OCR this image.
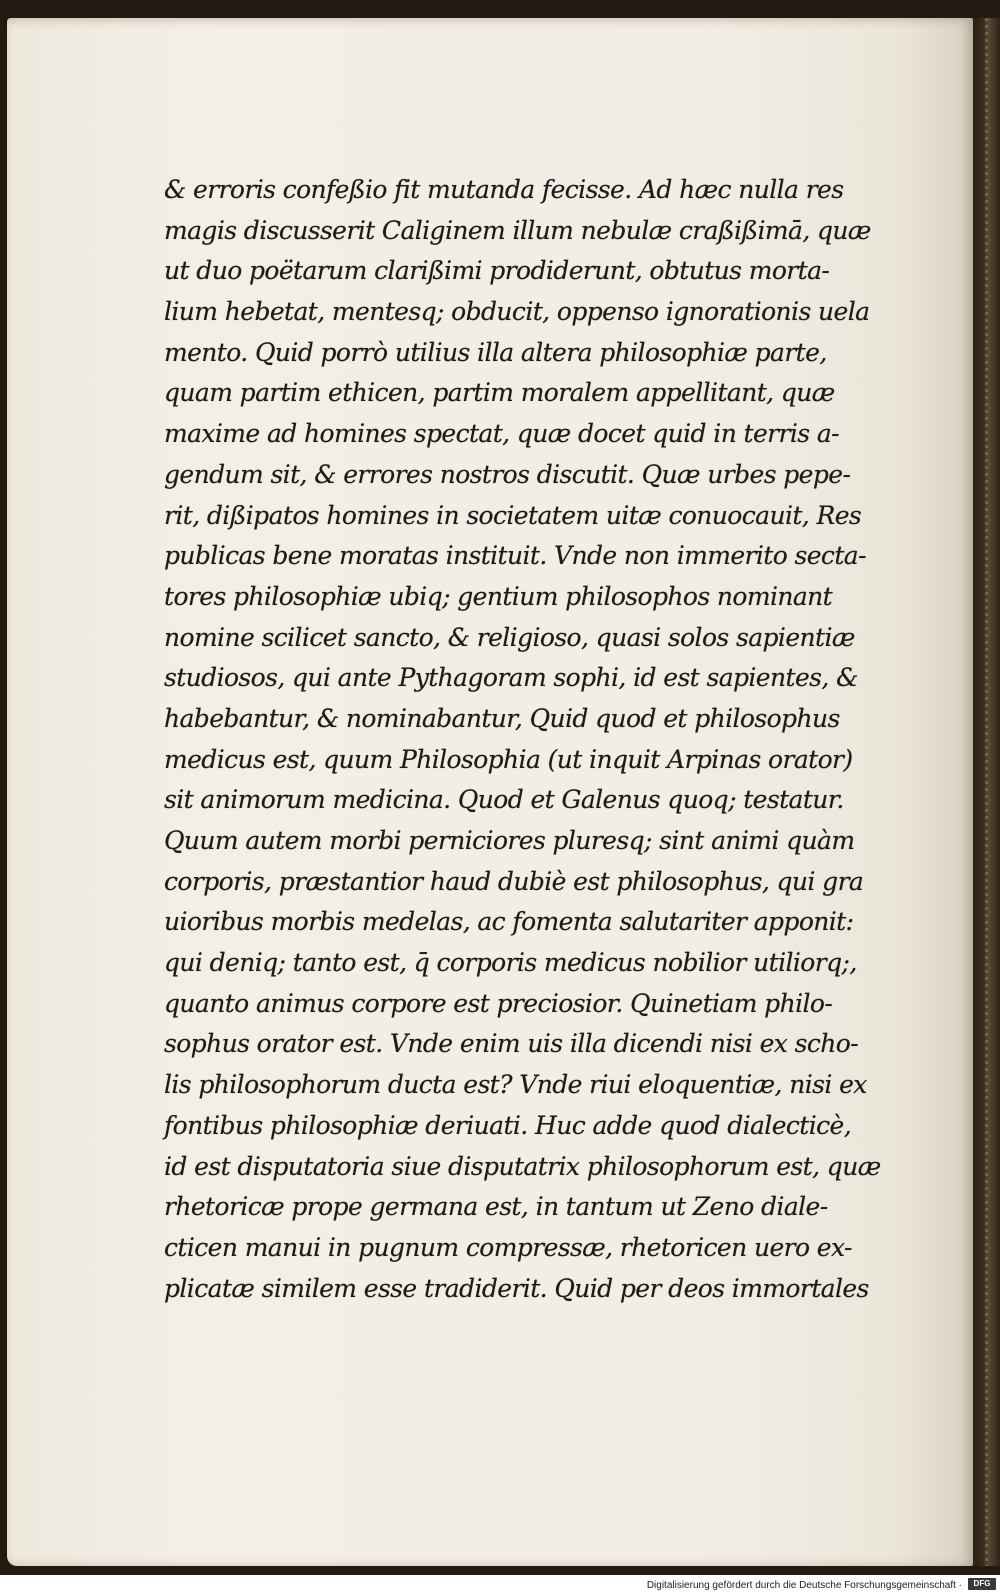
& erroris confeßio fit mutanda fecisse. Ad hæc nulla res
magis discusserit Caliginem illum nebulæ craßißimā, quæ
ut duo poëtarum clarißimi prodiderunt, obtutus morta-
lium hebetat, mentesq; obducit, oppenso ignorationis uela
mento. Quid porrò utilius illa altera philosophiæ parte,
quam partim ethicen, partim moralem appellitant, quæ
maxime ad homines spectat, quæ docet quid in terris a-
gendum sit, & errores nostros discutit. Quæ urbes pepe-
rit, dißipatos homines in societatem uitæ conuocauit, Res
publicas bene moratas instituit. Vnde non immerito secta-
tores philosophiæ ubiq; gentium philosophos nominant
nomine scilicet sancto, & religioso, quasi solos sapientiæ
studiosos, qui ante Pythagoram sophi, id est sapientes, &
habebantur, & nominabantur, Quid quod et philosophus
medicus est, quum Philosophia (ut inquit Arpinas orator)
sit animorum medicina. Quod et Galenus quoq; testatur.
Quum autem morbi perniciores pluresq; sint animi quàm
corporis, præstantior haud dubiè est philosophus, qui gra
uioribus morbis medelas, ac fomenta salutariter apponit:
qui deniq; tanto est, q̄ corporis medicus nobilior utiliorq;,
quanto animus corpore est preciosior. Quinetiam philo-
sophus orator est. Vnde enim uis illa dicendi nisi ex scho-
lis philosophorum ducta est? Vnde riui eloquentiæ, nisi ex
fontibus philosophiæ deriuati. Huc adde quod dialecticè,
id est disputatoria siue disputatrix philosophorum est, quæ
rhetoricæ prope germana est, in tantum ut Zeno diale-
cticen manui in pugnum compressæ, rhetoricen uero ex-
plicatæ similem esse tradiderit. Quid per deos immortales
Digitalisierung gefördert durch die Deutsche Forschungsgemeinschaft ·	DFG
